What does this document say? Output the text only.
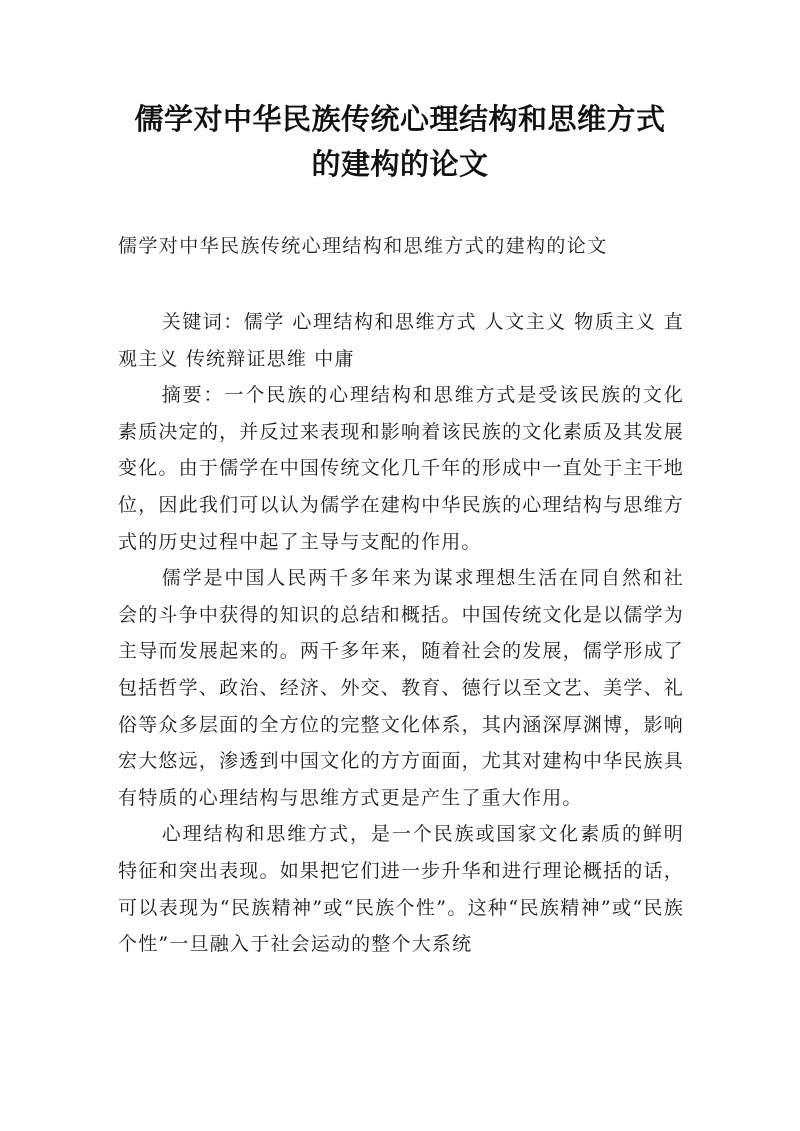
儒学对中华民族传统心理结构和思维方式的建构的论文
儒学对中华民族传统心理结构和思维方式的建构的论文

关键词：儒学 心理结构和思维方式 人文主义 物质主义 直观主义 传统辩证思维 中庸

摘要：一个民族的心理结构和思维方式是受该民族的文化素质决定的，并反过来表现和影响着该民族的文化素质及其发展变化。由于儒学在中国传统文化几千年的形成中一直处于主干地位，因此我们可以认为儒学在建构中华民族的心理结构与思维方式的历史过程中起了主导与支配的作用。

儒学是中国人民两千多年来为谋求理想生活在同自然和社会的斗争中获得的知识的总结和概括。中国传统文化是以儒学为主导而发展起来的。两千多年来，随着社会的发展，儒学形成了包括哲学、政治、经济、外交、教育、德行以至文艺、美学、礼俗等众多层面的全方位的完整文化体系，其内涵深厚渊博，影响宏大悠远，渗透到中国文化的方方面面，尤其对建构中华民族具有特质的心理结构与思维方式更是产生了重大作用。

心理结构和思维方式，是一个民族或国家文化素质的鲜明特征和突出表现。如果把它们进一步升华和进行理论概括的话，可以表现为“民族精神”或“民族个性”。这种“民族精神”或“民族个性”一旦融入于社会运动的整个大系统
